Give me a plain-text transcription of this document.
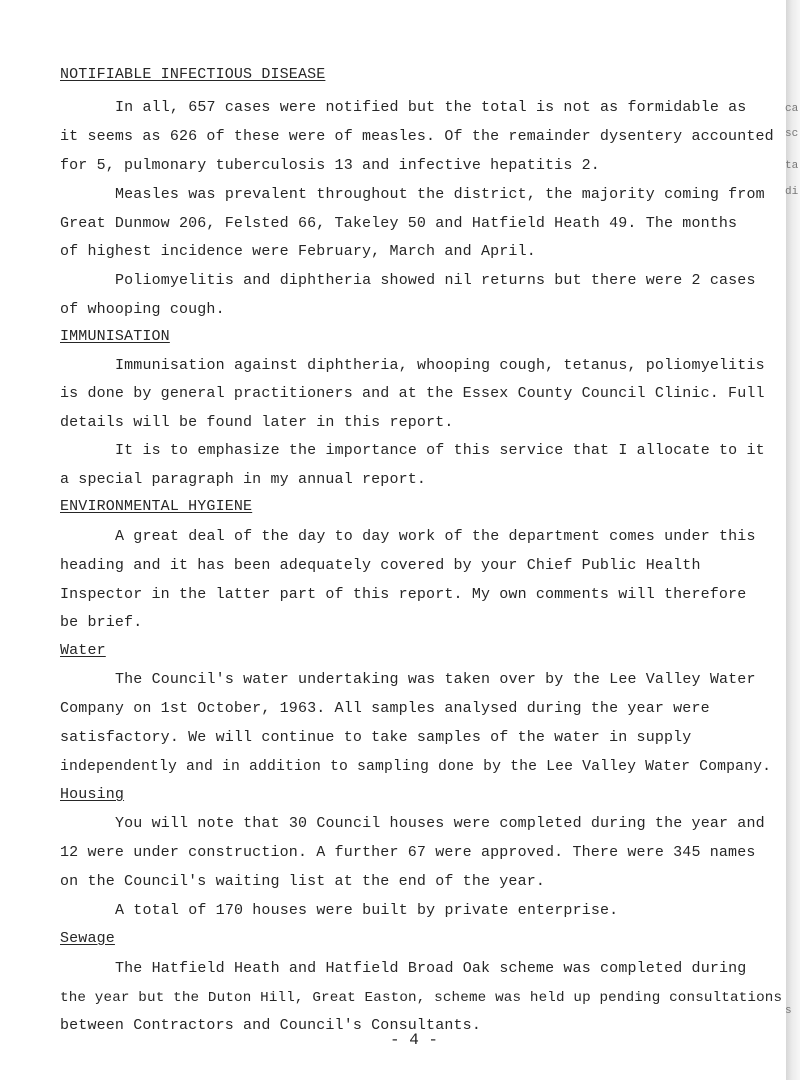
ca
sc
ta
di
s
NOTIFIABLE INFECTIOUS DISEASE
In all, 657 cases were notified but the total is not as formidable as
it seems as 626 of these were of measles. Of the remainder dysentery accounted
for 5, pulmonary tuberculosis 13 and infective hepatitis 2.
Measles was prevalent throughout the district, the majority coming from
Great Dunmow 206, Felsted 66, Takeley 50 and Hatfield Heath 49. The months
of highest incidence were February, March and April.
Poliomyelitis and diphtheria showed nil returns but there were 2 cases
of whooping cough.
IMMUNISATION
Immunisation against diphtheria, whooping cough, tetanus, poliomyelitis
is done by general practitioners and at the Essex County Council Clinic. Full
details will be found later in this report.
It is to emphasize the importance of this service that I allocate to it
a special paragraph in my annual report.
ENVIRONMENTAL HYGIENE
A great deal of the day to day work of the department comes under this
heading and it has been adequately covered by your Chief Public Health
Inspector in the latter part of this report. My own comments will therefore
be brief.
Water
The Council's water undertaking was taken over by the Lee Valley Water
Company on 1st October, 1963. All samples analysed during the year were
satisfactory. We will continue to take samples of the water in supply
independently and in addition to sampling done by the Lee Valley Water Company.
Housing
You will note that 30 Council houses were completed during the year and
12 were under construction. A further 67 were approved. There were 345 names
on the Council's waiting list at the end of the year.
A total of 170 houses were built by private enterprise.
Sewage
The Hatfield Heath and Hatfield Broad Oak scheme was completed during
the year but the Duton Hill, Great Easton, scheme was held up pending consultations
between Contractors and Council's Consultants.
- 4 -
